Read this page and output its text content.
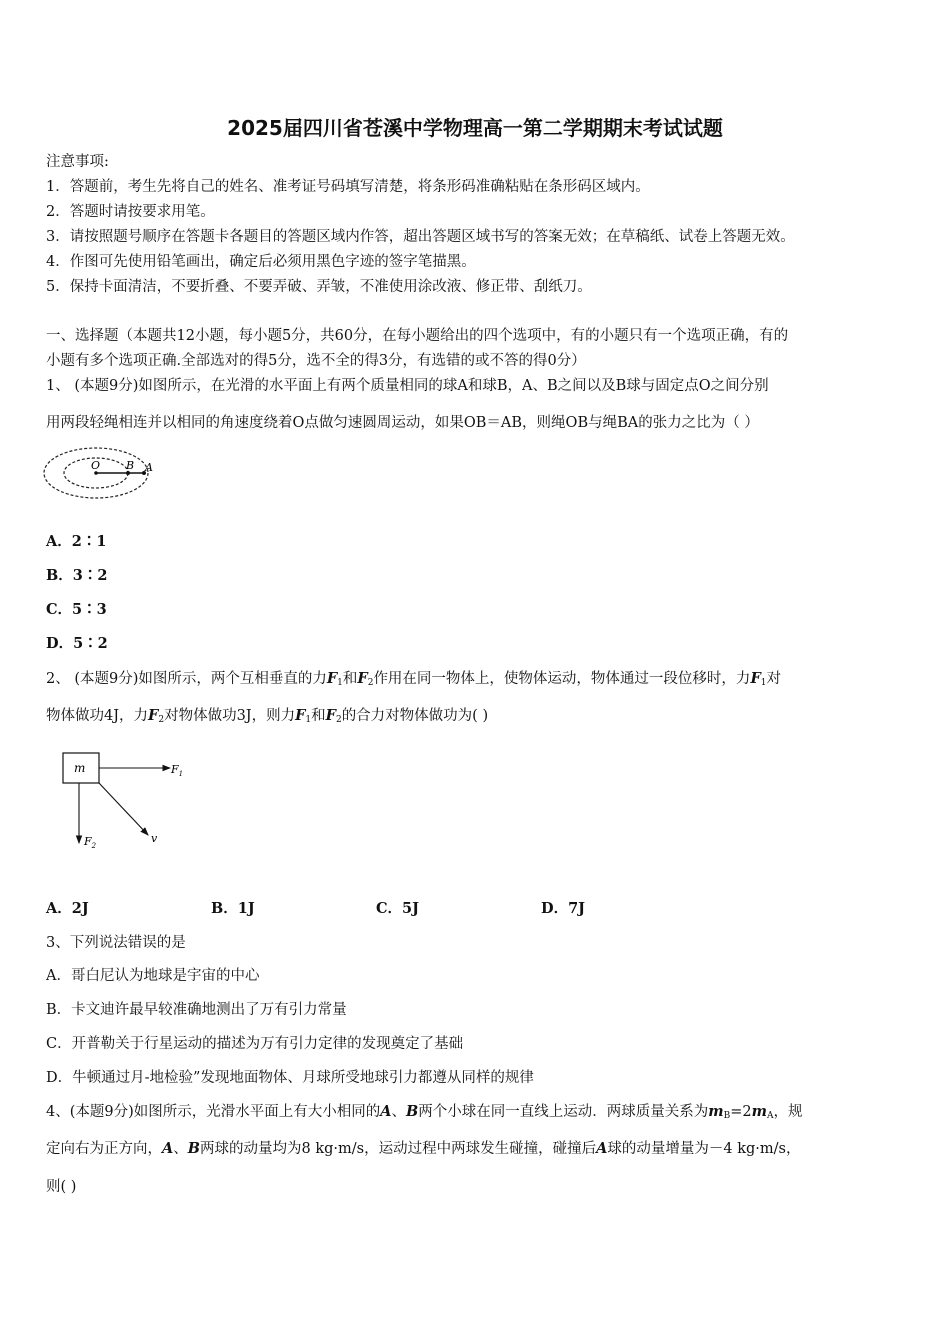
2025届四川省苍溪中学物理高一第二学期期末考试试题
注意事项:
1．答题前，考生先将自己的姓名、准考证号码填写清楚，将条形码准确粘贴在条形码区域内。
2．答题时请按要求用笔。
3．请按照题号顺序在答题卡各题目的答题区域内作答，超出答题区域书写的答案无效；在草稿纸、试卷上答题无效。
4．作图可先使用铅笔画出，确定后必须用黑色字迹的签字笔描黑。
5．保持卡面清洁，不要折叠、不要弄破、弄皱，不准使用涂改液、修正带、刮纸刀。
一、选择题（本题共12小题，每小题5分，共60分，在每小题给出的四个选项中，有的小题只有一个选项正确，有的
小题有多个选项正确.全部选对的得5分，选不全的得3分，有选错的或不答的得0分）
1、 (本题9分)如图所示，在光滑的水平面上有两个质量相同的球A和球B，A、B之间以及B球与固定点O之间分别
用两段轻绳相连并以相同的角速度绕着O点做匀速圆周运动，如果OB＝AB，则绳OB与绳BA的张力之比为（ ）
O B A
A．2∶1
B．3∶2
C．5∶3
D．5∶2
2、 (本题9分)如图所示，两个互相垂直的力$F_1$和$F_2$作用在同一物体上，使物体运动，物体通过一段位移时，力$F_1$对
物体做功4J，力$F_2$对物体做功3J，则力$F_1$和$F_2$的合力对物体做功为( )
m	$F_1$
$F_2$
v
A．2J	B．1J	C．5J	D．7J
3、下列说法错误的是
A．哥白尼认为地球是宇宙的中心
B．卡文迪许最早较准确地测出了万有引力常量
C．开普勒关于行星运动的描述为万有引力定律的发现奠定了基础
D．牛顿通过月-地检验”发现地面物体、月球所受地球引力都遵从同样的规律
4、(本题9分)如图所示，光滑水平面上有大小相同的A、B两个小球在同一直线上运动．两球质量关系为$m_B=2m_A$，规
定向右为正方向，A、B两球的动量均为8 kg·m/s，运动过程中两球发生碰撞，碰撞后A球的动量增量为－4 kg·m/s，
则( )
